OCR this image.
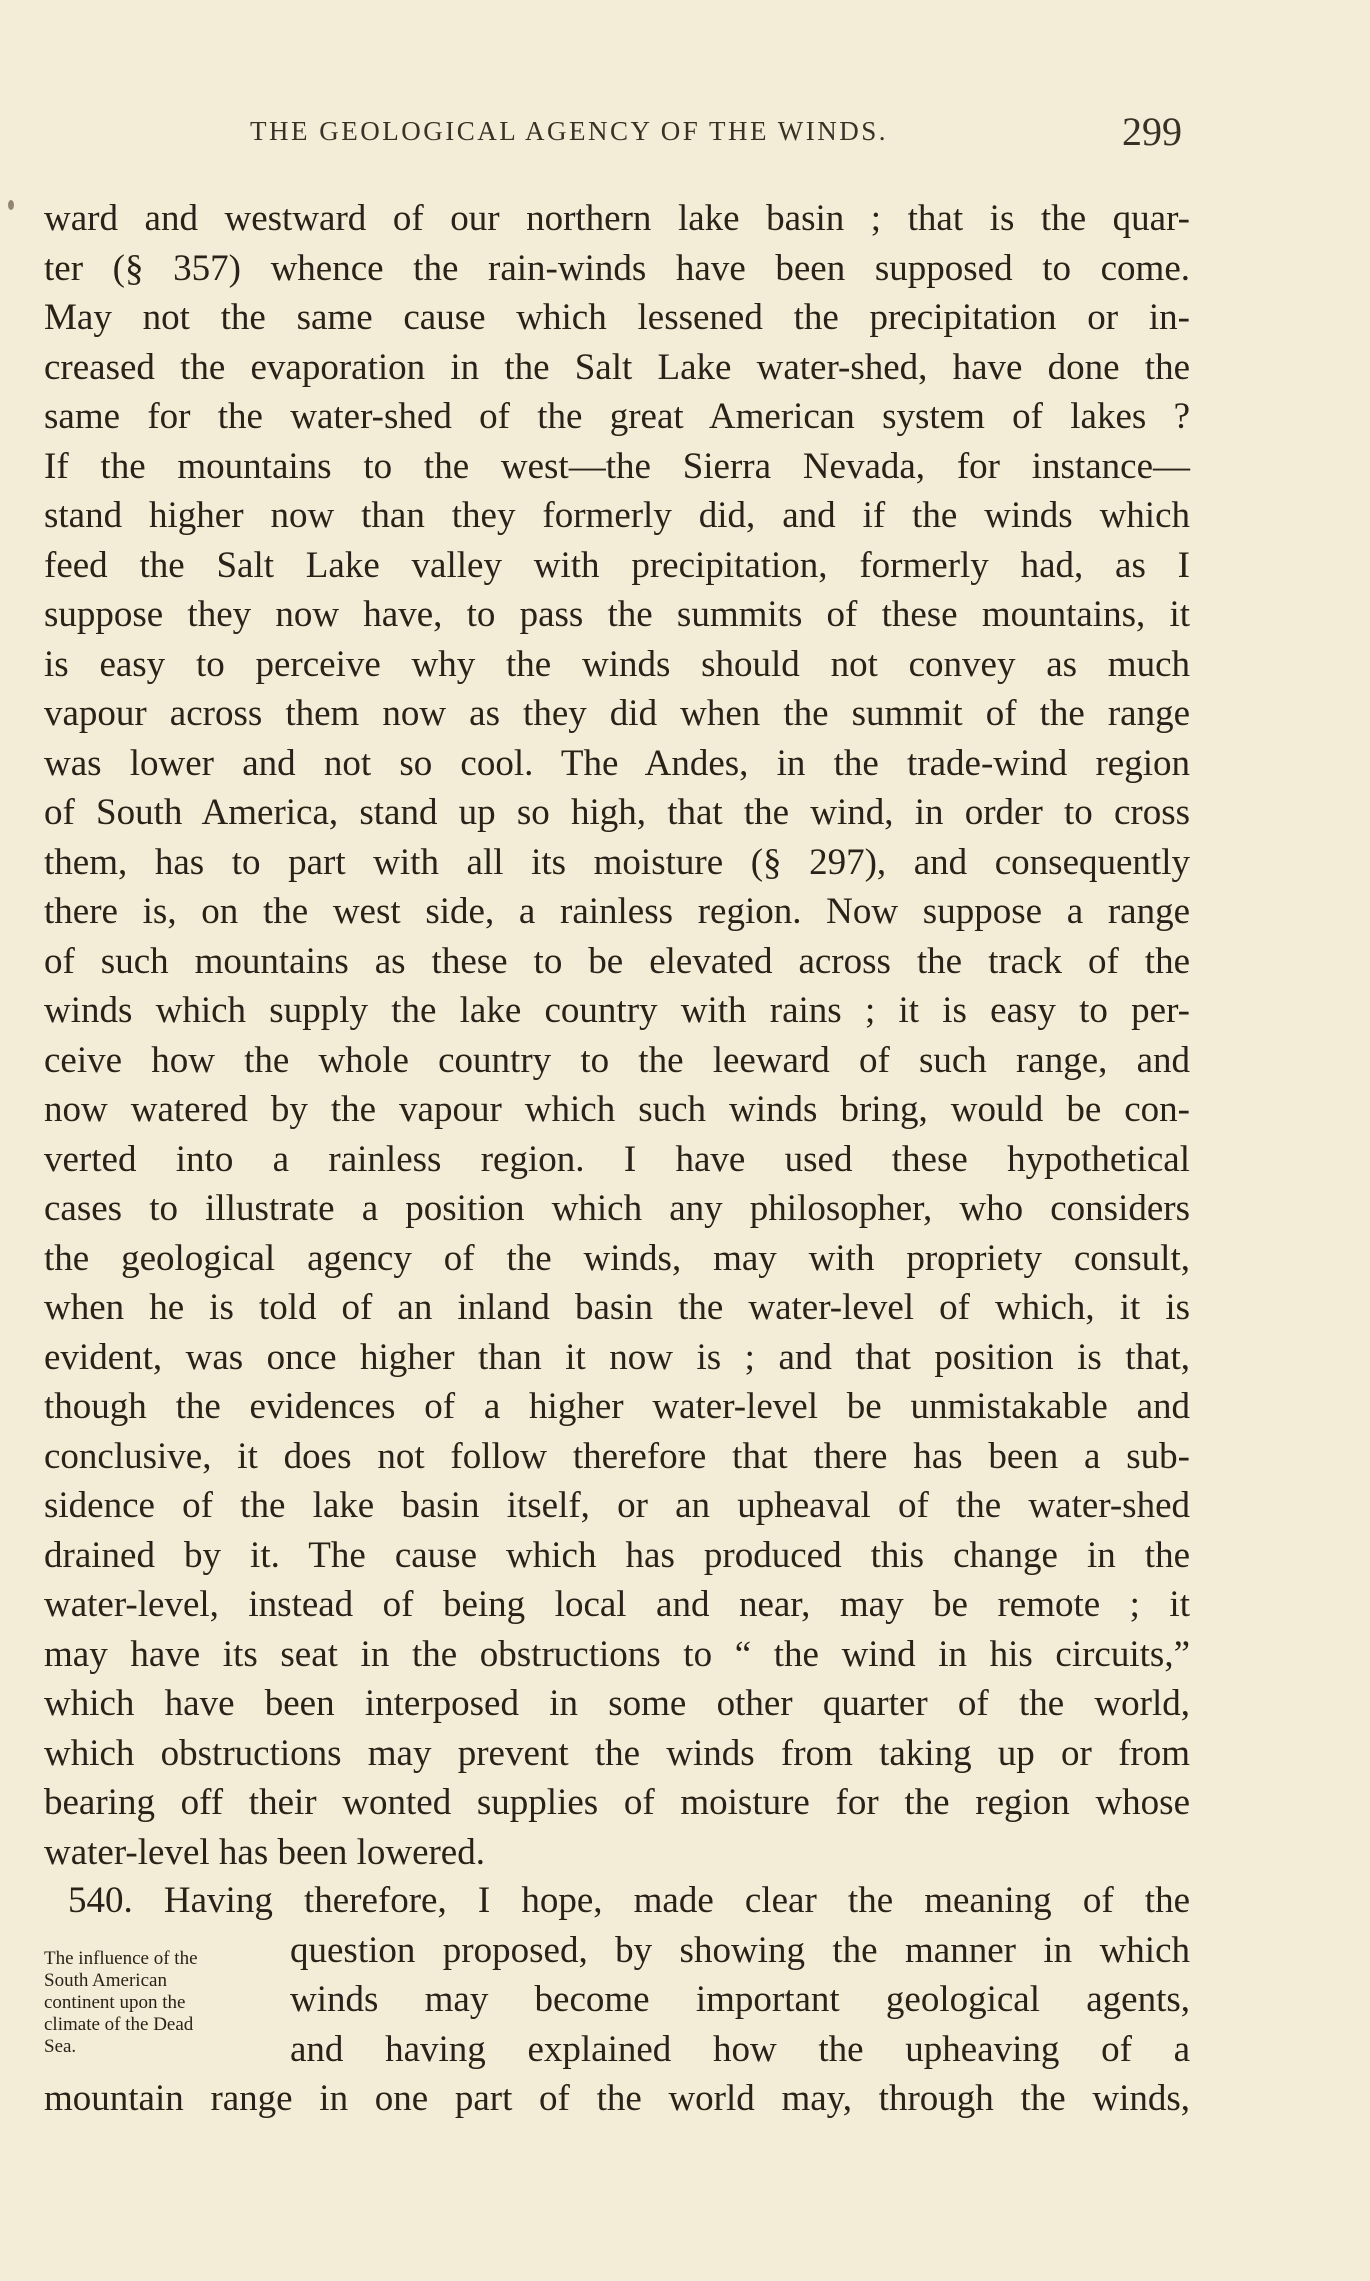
THE GEOLOGICAL AGENCY OF THE WINDS.	299
ward and westward of our northern lake basin ; that is the quar-
ter (§ 357) whence the rain-winds have been supposed to come.
May not the same cause which lessened the precipitation or in-
creased the evaporation in the Salt Lake water-shed, have done the
same for the water-shed of the great American system of lakes ?
If the mountains to the west—the Sierra Nevada, for instance—
stand higher now than they formerly did, and if the winds which
feed the Salt Lake valley with precipitation, formerly had, as I
suppose they now have, to pass the summits of these mountains, it
is easy to perceive why the winds should not convey as much
vapour across them now as they did when the summit of the range
was lower and not so cool. The Andes, in the trade-wind region
of South America, stand up so high, that the wind, in order to cross
them, has to part with all its moisture (§ 297), and consequently
there is, on the west side, a rainless region. Now suppose a range
of such mountains as these to be elevated across the track of the
winds which supply the lake country with rains ; it is easy to per-
ceive how the whole country to the leeward of such range, and
now watered by the vapour which such winds bring, would be con-
verted into a rainless region. I have used these hypothetical
cases to illustrate a position which any philosopher, who considers
the geological agency of the winds, may with propriety consult,
when he is told of an inland basin the water-level of which, it is
evident, was once higher than it now is ; and that position is that,
though the evidences of a higher water-level be unmistakable and
conclusive, it does not follow therefore that there has been a sub-
sidence of the lake basin itself, or an upheaval of the water-shed
drained by it. The cause which has produced this change in the
water-level, instead of being local and near, may be remote ; it
may have its seat in the obstructions to “ the wind in his circuits,”
which have been interposed in some other quarter of the world,
which obstructions may prevent the winds from taking up or from
bearing off their wonted supplies of moisture for the region whose
water-level has been lowered.
540. Having therefore, I hope, made clear the meaning of the
question proposed, by showing the manner in which
winds may become important geological agents,
and having explained how the upheaving of a
mountain range in one part of the world may, through the winds,
The influence of the
South American
continent upon the
climate of the Dead
Sea.
